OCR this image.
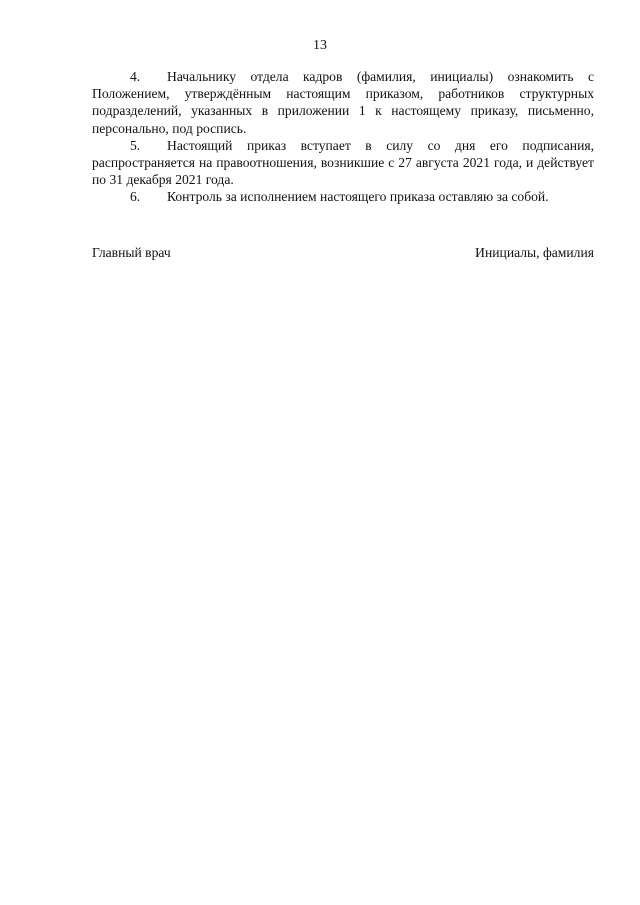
13

4. Начальнику отдела кадров (фамилия, инициалы) ознакомить с Положением, утверждённым настоящим приказом, работников структурных подразделений, указанных в приложении 1 к настоящему приказу, письменно, персонально, под роспись.

5. Настоящий приказ вступает в силу со дня его подписания, распространяется на правоотношения, возникшие с 27 августа 2021 года, и действует по 31 декабря 2021 года.

6. Контроль за исполнением настоящего приказа оставляю за собой.

Главный врач	Инициалы, фамилия
